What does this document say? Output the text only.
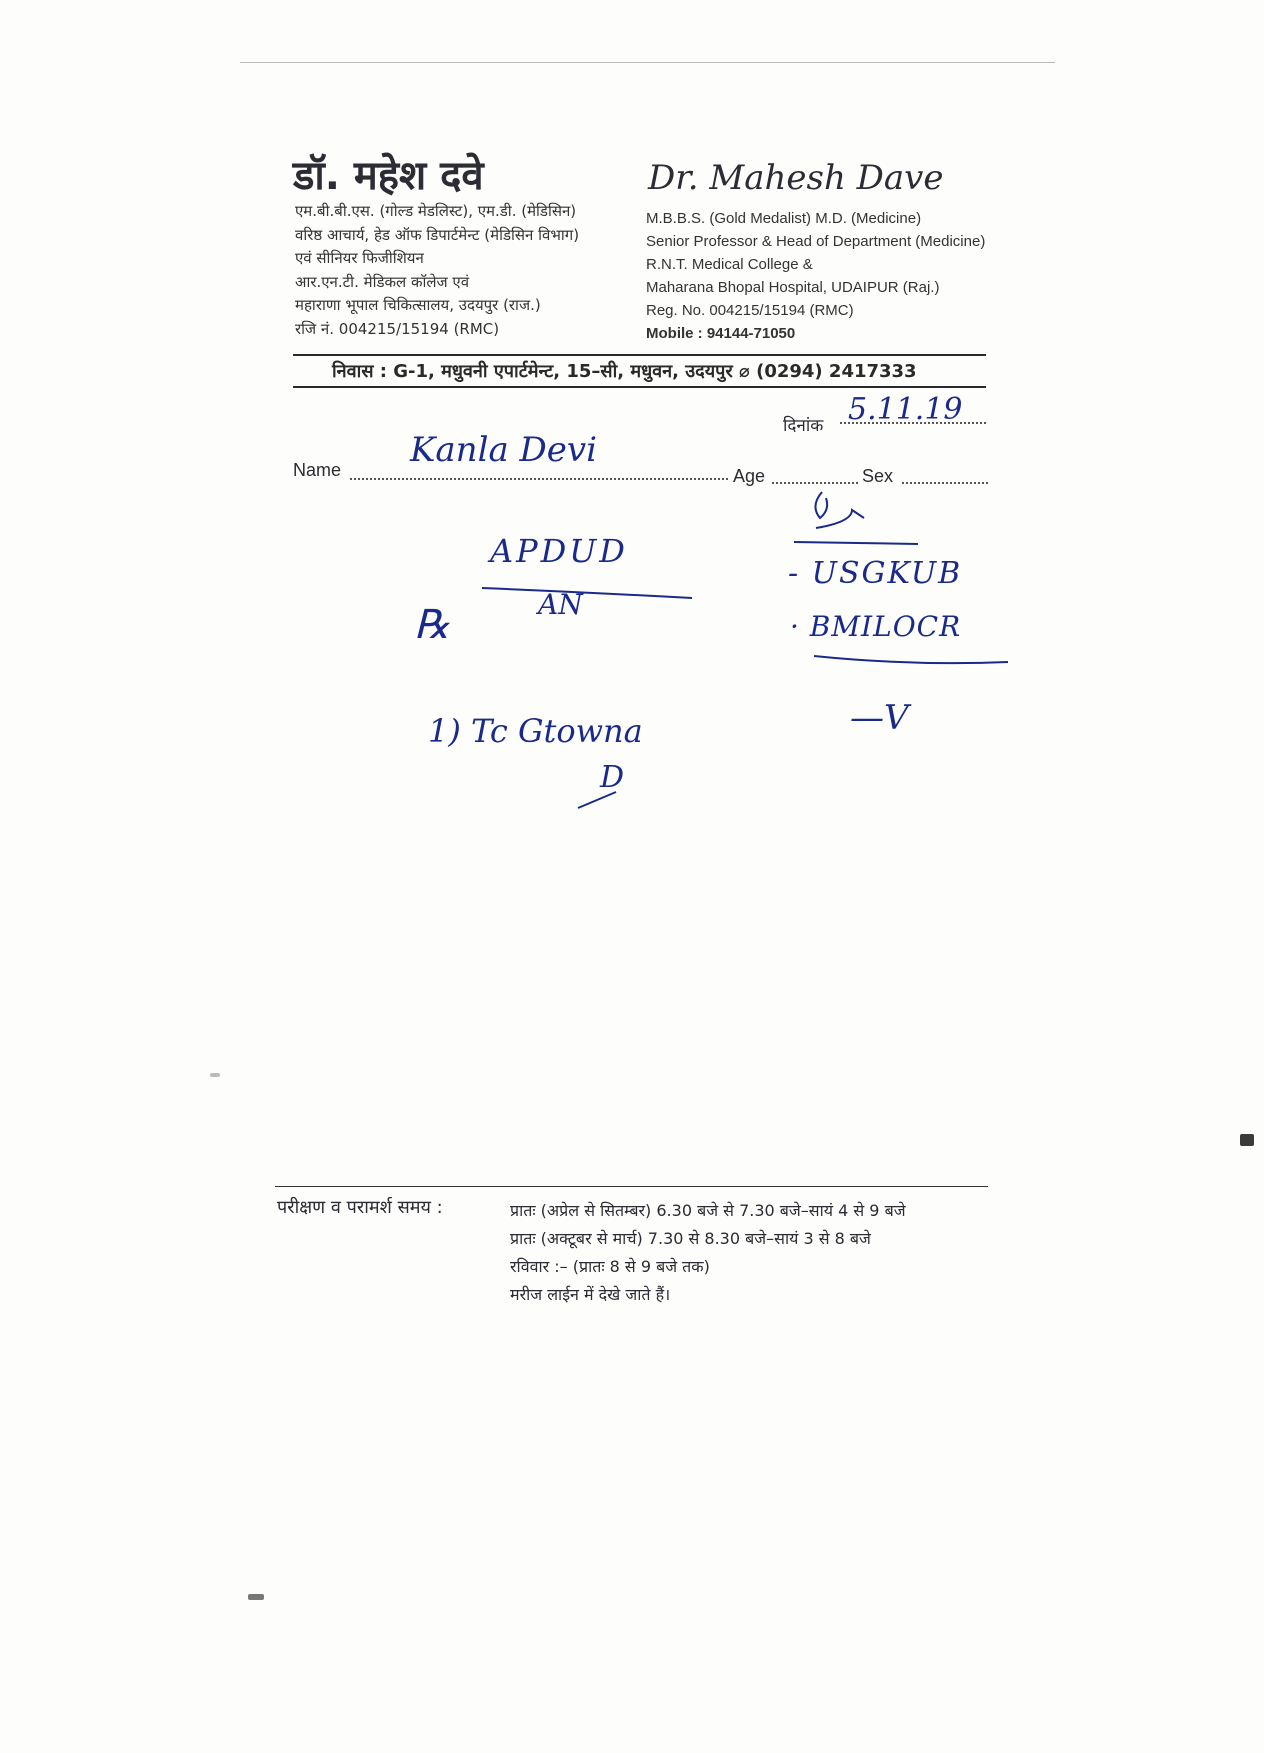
डॉ. महेश दवे	Dr. Mahesh Dave
एम.बी.बी.एस. (गोल्ड मेडलिस्ट), एम.डी. (मेडिसिन)
वरिष्ठ आचार्य, हेड ऑफ डिपार्टमेन्ट (मेडिसिन विभाग)
एवं सीनियर फिजीशियन
आर.एन.टी. मेडिकल कॉलेज एवं
महाराणा भूपाल चिकित्सालय, उदयपुर (राज.)
रजि नं. 004215/15194 (RMC)
M.B.B.S. (Gold Medalist) M.D. (Medicine)
Senior Professor & Head of Department (Medicine)
R.N.T. Medical College &
Maharana Bhopal Hospital, UDAIPUR (Raj.)
Reg. No. 004215/15194 (RMC)
Mobile : 94144-71050
निवास : G-1, मधुवनी एपार्टमेन्ट, 15–सी, मधुवन, उदयपुर ⌀ (0294) 2417333
दिनांक 5.11.19
Name Kanla Devi
Age	Sex
APDUD
AN
℞
- USGKUB
· BMILOCR
1) Tc Gtowna	—V
D
परीक्षण व परामर्श समय :	प्रातः (अप्रेल से सितम्बर) 6.30 बजे से 7.30 बजे–सायं 4 से 9 बजे
प्रातः (अक्टूबर से मार्च) 7.30 से 8.30 बजे–सायं 3 से 8 बजे
रविवार :– (प्रातः 8 से 9 बजे तक)
मरीज लाईन में देखे जाते हैं।
